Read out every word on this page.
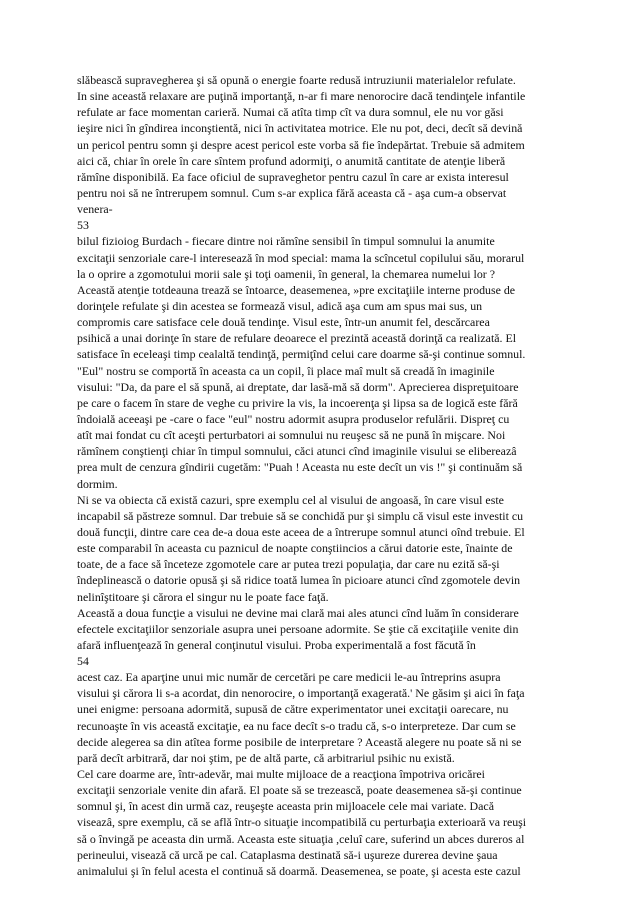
slăbească supravegherea şi să opună o energie foarte redusă intruziunii materialelor refulate.
In sine această relaxare are puţină importanţă, n-ar fi mare nenorocire dacă tendinţele infantile
refulate ar face momentan carieră. Numai că atîta timp cît va dura somnul, ele nu vor găsi
ieşire nici în gîndirea inconştientă, nici în activitatea motrice. Ele nu pot, deci, decît să devină
un pericol pentru somn şi despre acest pericol este vorba să fie îndepărtat. Trebuie să admitem
aici că, chiar în orele în care sîntem profund adormiţi, o anumită cantitate de atenţie liberă
rămîne disponibilă. Ea face oficiul de supraveghetor pentru cazul în care ar exista interesul
pentru noi să ne întrerupem somnul. Cum s-ar explica fără aceasta că - aşa cum-a observat
venera-
53
bilul fizioiog Burdach - fiecare dintre noi rămîne sensibil în timpul somnului la anumite
excitaţii senzoriale care-l interesează în mod special: mama la scîncetul copilului său, morarul
la o oprire a zgomotului morii sale şi toţi oamenii, în general, la chemarea numelui lor ?
Această atenţie totdeauna trează se întoarce, deasemenea, »pre excitaţiile interne produse de
dorinţele refulate şi din acestea se formează visul, adică aşa cum am spus mai sus, un
compromis care satisface cele două tendinţe. Visul este, într-un anumit fel, descărcarea
psihică a unai dorinţe în stare de refulare deoarece el prezintă această dorinţă ca realizată. El
satisface în eceleaşi timp cealaltă tendinţă, permiţînd celui care doarme să-şi continue somnul.
"Eul" nostru se comportă în aceasta ca un copil, îi place maî mult să creadă în imaginile
visului: "Da, da pare el să spună, ai dreptate, dar lasă-mă să dorm". Aprecierea dispreţuitoare
pe care o facem în stare de veghe cu privire la vis, la incoerenţa şi lipsa sa de logică este fără
îndoială aceeaşi pe -care o face "eul" nostru adormit asupra produselor refulării. Dispreţ cu
atît mai fondat cu cît aceşti perturbatori ai somnului nu reuşesc să ne pună în mişcare. Noi
rămînem conştienţi chiar în timpul somnului, căci atunci cînd imaginile visului se elibereazâ
prea mult de cenzura gîndirii cugetăm: "Puah ! Aceasta nu este decît un vis !" şi continuăm să
dormim.
Ni se va obiecta că există cazuri, spre exemplu cel al visului de angoasă, în care visul este
incapabil să păstreze somnul. Dar trebuie să se conchidă pur şi simplu că visul este investit cu
două funcţii, dintre care cea de-a doua este aceea de a întrerupe somnul atunci oînd trebuie. El
este comparabil în aceasta cu paznicul de noapte conştiincios a cărui datorie este, înainte de
toate, de a face să înceteze zgomotele care ar putea trezi populaţia, dar care nu ezită să-şi
îndeplinească o datorie opusă şi să ridice toată lumea în picioare atunci cînd zgomotele devin
nelinîştitoare şi cărora el singur nu le poate face faţă.
Această a doua funcţie a visului ne devine mai clară mai ales atunci cînd luăm în considerare
efectele excitaţiilor senzoriale asupra unei persoane adormite. Se ştie că excitaţiile venite din
afară influenţează în general conţinutul visului. Proba experimentală a fost făcută în
54
acest caz. Ea aparţine unui mic număr de cercetări pe care medicii le-au întreprins asupra
visului şi cărora li s-a acordat, din nenorocire, o importanţă exagerată.' Ne găsim şi aici în faţa
unei enigme: persoana adormită, supusă de către experimentator unei excitaţii oarecare, nu
recunoaşte în vis această excitaţie, ea nu face decît s-o tradu că, s-o interpreteze. Dar cum se
decide alegerea sa din atîtea forme posibile de interpretare ? Această alegere nu poate să ni se
pară decît arbitrară, dar noi ştim, pe de altă parte, că arbitrariul psihic nu există.
Cel care doarme are, într-adevăr, mai multe mijloace de a reacţiona împotriva oricărei
excitaţii senzoriale venite din afară. El poate să se trezească, poate deasemenea să-şi continue
somnul şi, în acest din urmă caz, reuşeşte aceasta prin mijloacele cele mai variate. Dacă
viseazâ, spre exemplu, că se află într-o situaţie incompatibilă cu perturbaţia exterioară va reuşi
să o învingă pe aceasta din urmă. Aceasta este situaţia ,celuî care, suferind un abces dureros al
perineului, visează că urcă pe cal. Cataplasma destinată să-i uşureze durerea devine şaua
animalului şi în felul acesta el continuă să doarmă. Deasemenea, se poate, şi acesta este cazul
